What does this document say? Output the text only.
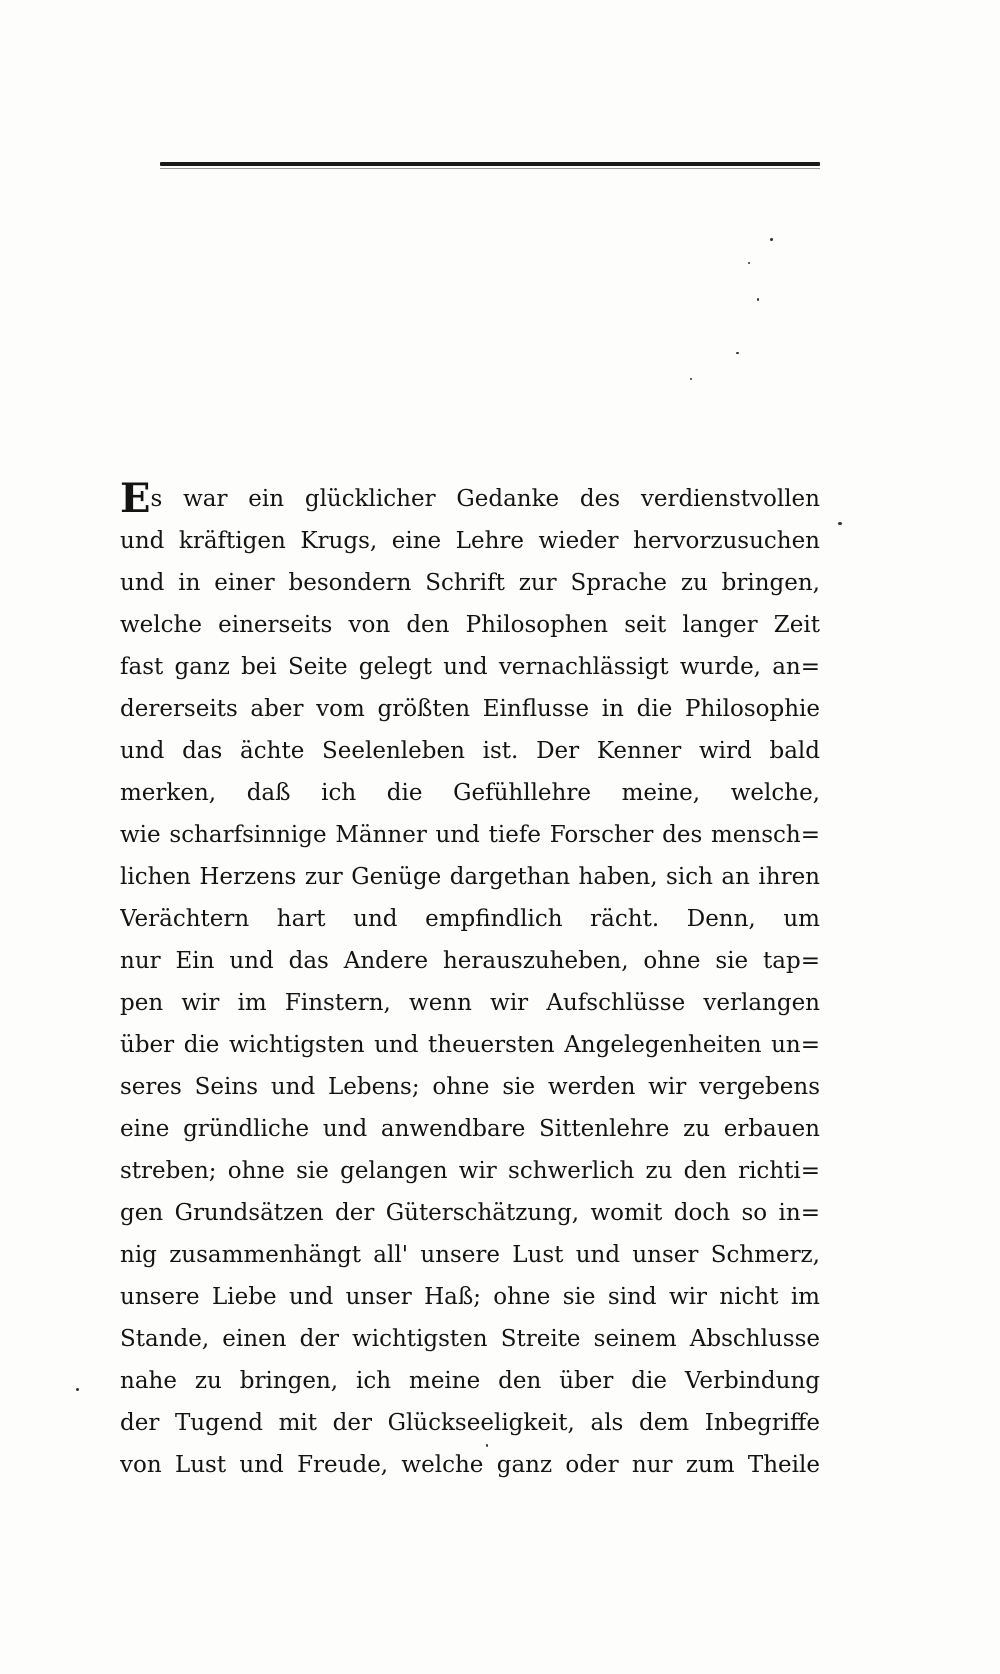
Es war ein glücklicher Gedanke des verdienstvollen
und kräftigen Krugs, eine Lehre wieder hervorzusuchen
und in einer besondern Schrift zur Sprache zu bringen,
welche einerseits von den Philosophen seit langer Zeit
fast ganz bei Seite gelegt und vernachlässigt wurde, an=
dererseits aber vom größten Einflusse in die Philosophie
und das ächte Seelenleben ist. Der Kenner wird bald
merken, daß ich die Gefühllehre meine, welche,
wie scharfsinnige Männer und tiefe Forscher des mensch=
lichen Herzens zur Genüge dargethan haben, sich an ihren
Verächtern hart und empfindlich rächt. Denn, um
nur Ein und das Andere herauszuheben, ohne sie tap=
pen wir im Finstern, wenn wir Aufschlüsse verlangen
über die wichtigsten und theuersten Angelegenheiten un=
seres Seins und Lebens; ohne sie werden wir vergebens
eine gründliche und anwendbare Sittenlehre zu erbauen
streben; ohne sie gelangen wir schwerlich zu den richti=
gen Grundsätzen der Güterschätzung, womit doch so in=
nig zusammenhängt all' unsere Lust und unser Schmerz,
unsere Liebe und unser Haß; ohne sie sind wir nicht im
Stande, einen der wichtigsten Streite seinem Abschlusse
nahe zu bringen, ich meine den über die Verbindung
der Tugend mit der Glückseeligkeit, als dem Inbegriffe
von Lust und Freude, welche ganz oder nur zum Theile
